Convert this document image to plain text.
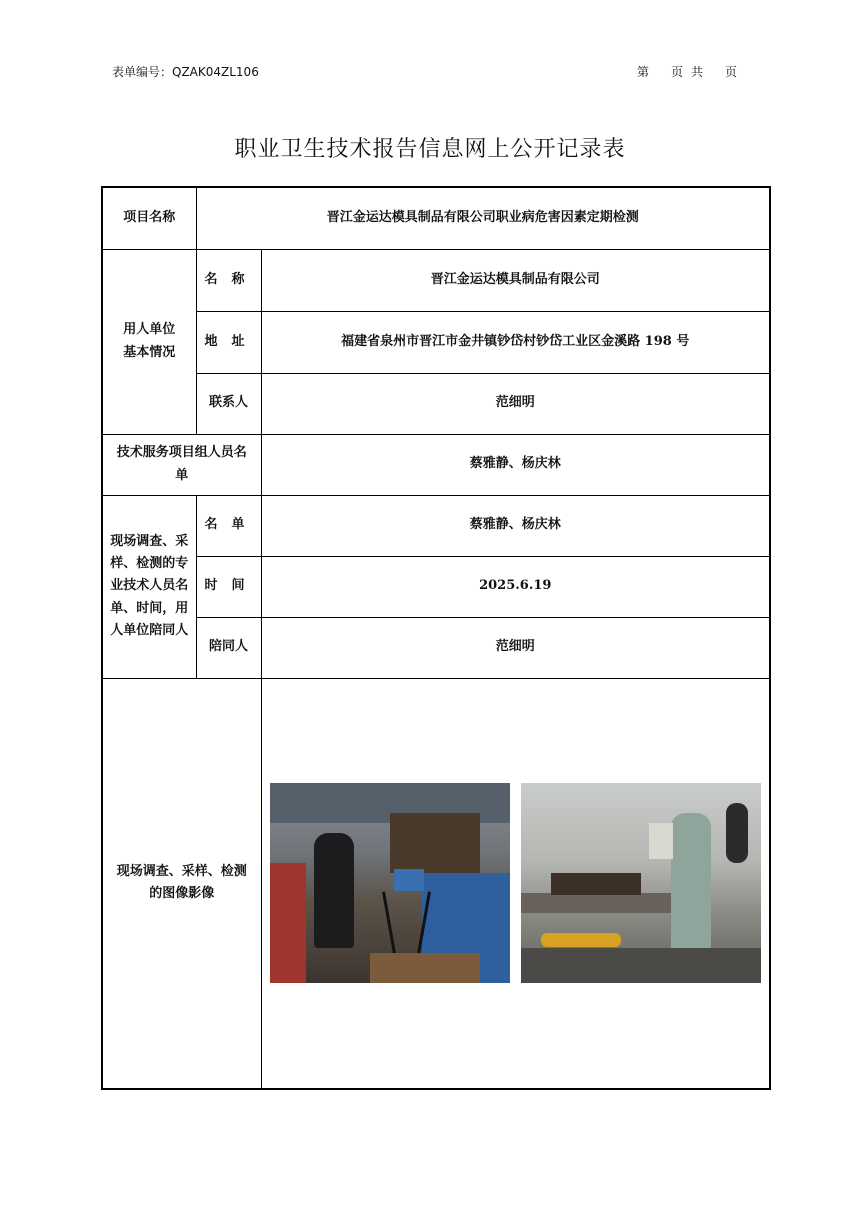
表单编号：QZAK04ZL106	第 页 共 页
职业卫生技术报告信息网上公开记录表
项目名称	晋江金运达模具制品有限公司职业病危害因素定期检测	
用人单位基本情况	名称	晋江金运达模具制品有限公司
	地址	福建省泉州市晋江市金井镇钞岱村钞岱工业区金溪路 198 号
	联系人	范细明
技术服务项目组人员名单		蔡雅静、杨庆林
现场调查、采样、检测的专业技术人员名单、时间，用人单位陪同人	名单	蔡雅静、杨庆林
	时间	2025.6.19
	陪同人	范细明
现场调查、采样、检测的图像影像		
